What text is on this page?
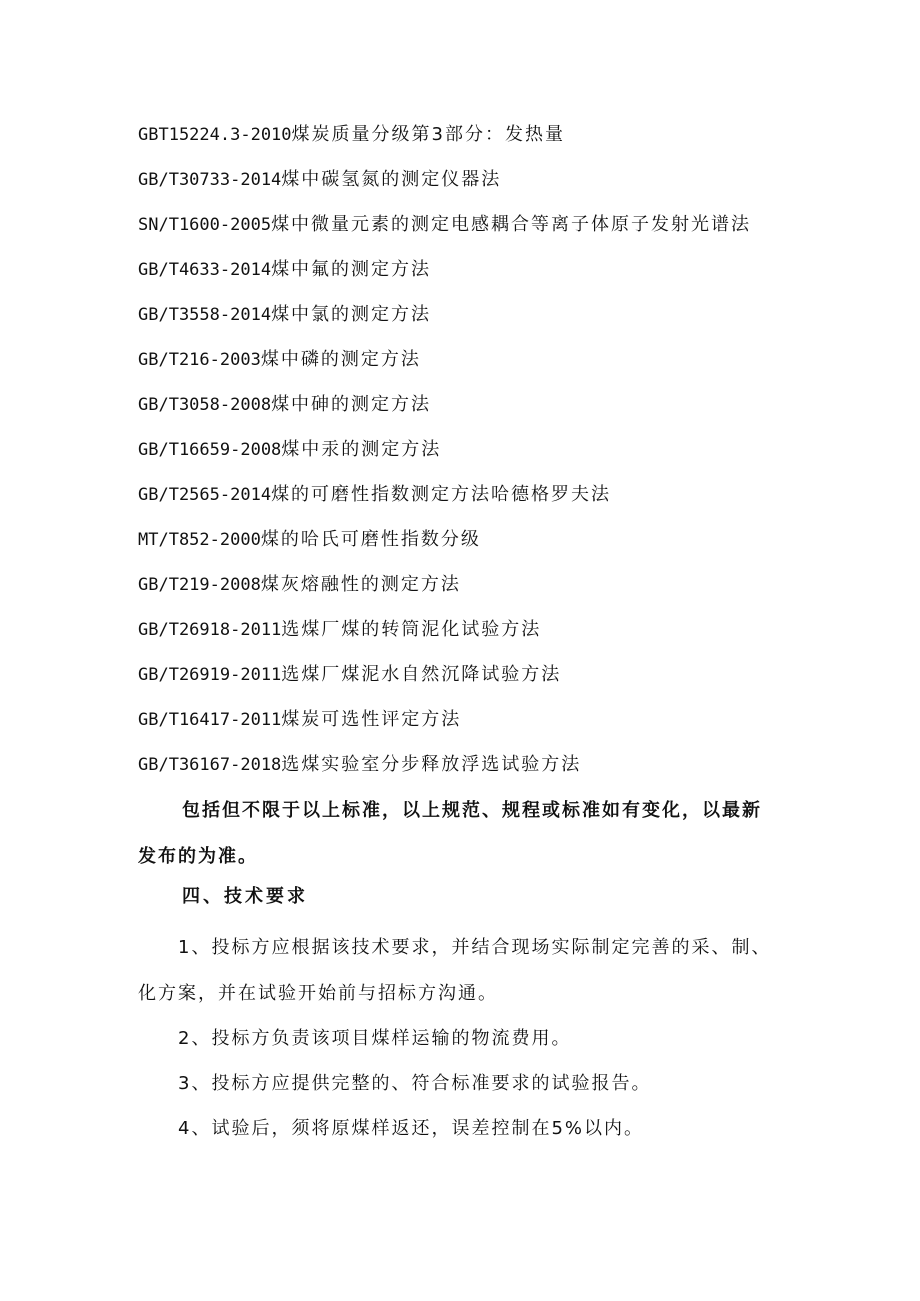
GBT15224.3-2010煤炭质量分级第3部分：发热量
GB/T30733-2014煤中碳氢氮的测定仪器法
SN/T1600-2005煤中微量元素的测定电感耦合等离子体原子发射光谱法
GB/T4633-2014煤中氟的测定方法
GB/T3558-2014煤中氯的测定方法
GB/T216-2003煤中磷的测定方法
GB/T3058-2008煤中砷的测定方法
GB/T16659-2008煤中汞的测定方法
GB/T2565-2014煤的可磨性指数测定方法哈德格罗夫法
MT/T852-2000煤的哈氏可磨性指数分级
GB/T219-2008煤灰熔融性的测定方法
GB/T26918-2011选煤厂煤的转筒泥化试验方法
GB/T26919-2011选煤厂煤泥水自然沉降试验方法
GB/T16417-2011煤炭可选性评定方法
GB/T36167-2018选煤实验室分步释放浮选试验方法
包括但不限于以上标准，以上规范、规程或标准如有变化，以最新发布的为准。
四、技术要求
1、投标方应根据该技术要求，并结合现场实际制定完善的采、制、化方案，并在试验开始前与招标方沟通。
2、投标方负责该项目煤样运输的物流费用。
3、投标方应提供完整的、符合标准要求的试验报告。
4、试验后，须将原煤样返还，误差控制在5%以内。
